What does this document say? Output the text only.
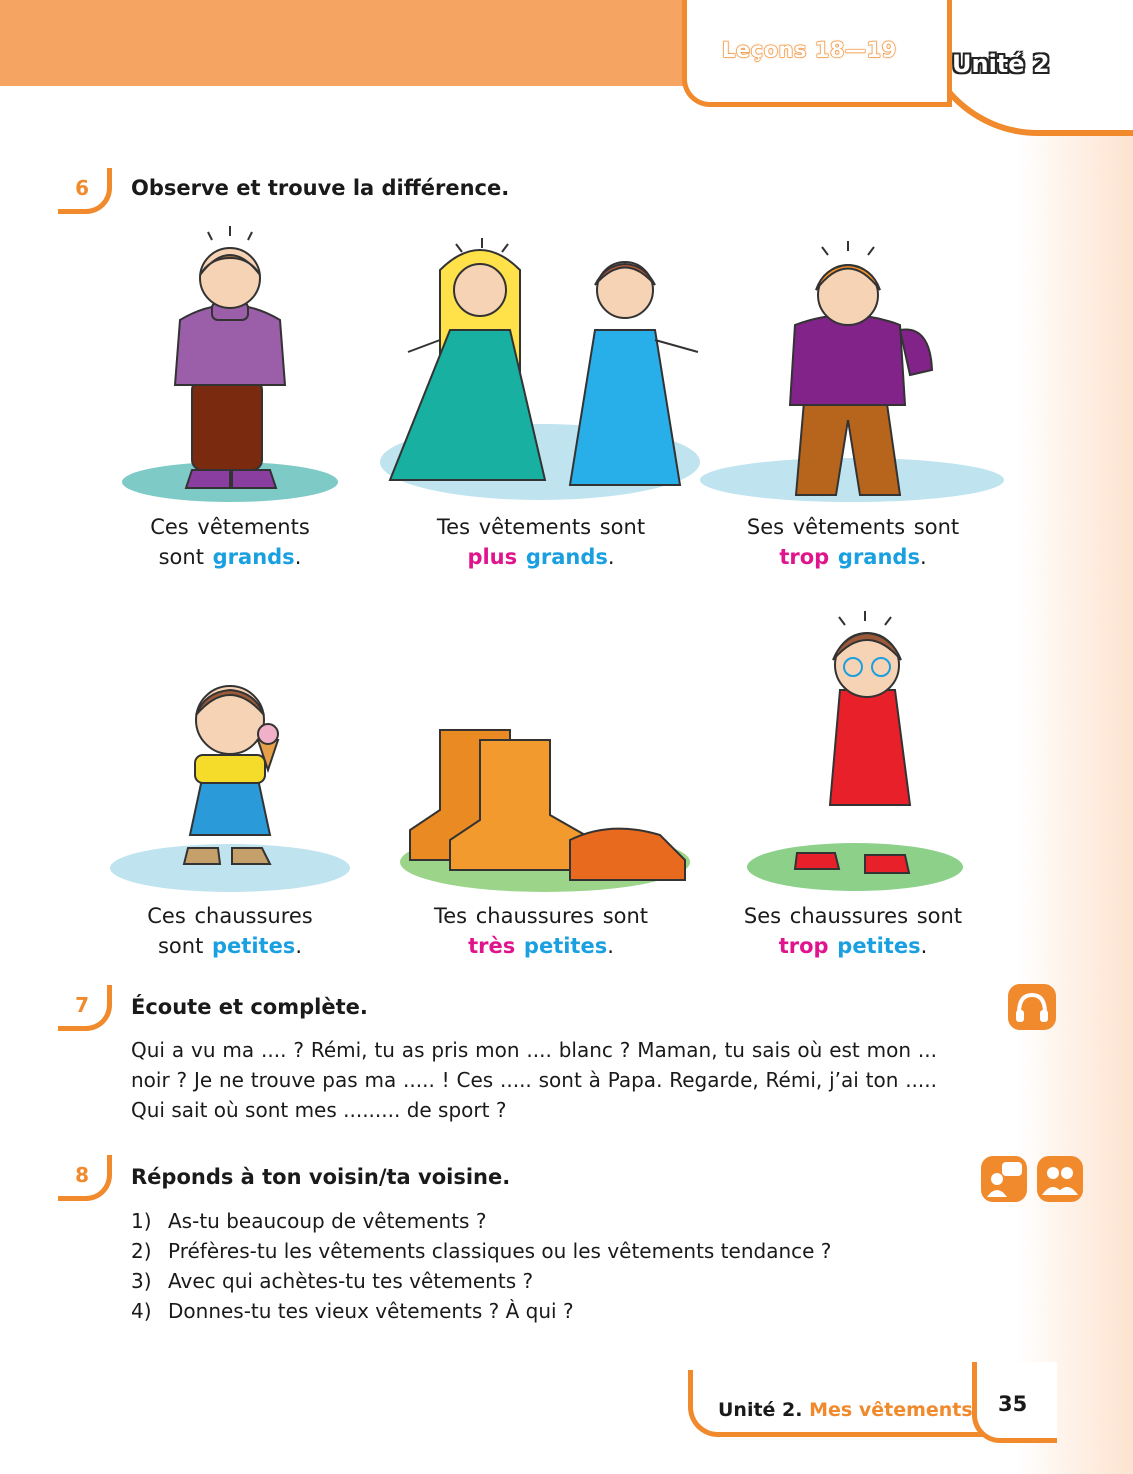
Leçons 18—19 Unité 2
6	Observe et trouve la différence.
Ces vêtements
sont grands.
Tes vêtements sont
plus grands.
Ses vêtements sont
trop grands.
Ces chaussures
sont petites.
Tes chaussures sont
très petites.
Ses chaussures sont
trop petites.
7	Écoute et complète.
Qui a vu ma .... ? Rémi, tu as pris mon .... blanc ? Maman, tu sais où est mon ... noir ? Je ne trouve pas ma ..... ! Ces ..... sont à Papa. Regarde, Rémi, j’ai ton ..... Qui sait où sont mes ......... de sport ?
8	Réponds à ton voisin/ta voisine.
1) As-tu beaucoup de vêtements ?
2) Préfères-tu les vêtements classiques ou les vêtements tendance ?
3) Avec qui achètes-tu tes vêtements ?
4) Donnes-tu tes vieux vêtements ? À qui ?
Unité 2. Mes vêtements 35
